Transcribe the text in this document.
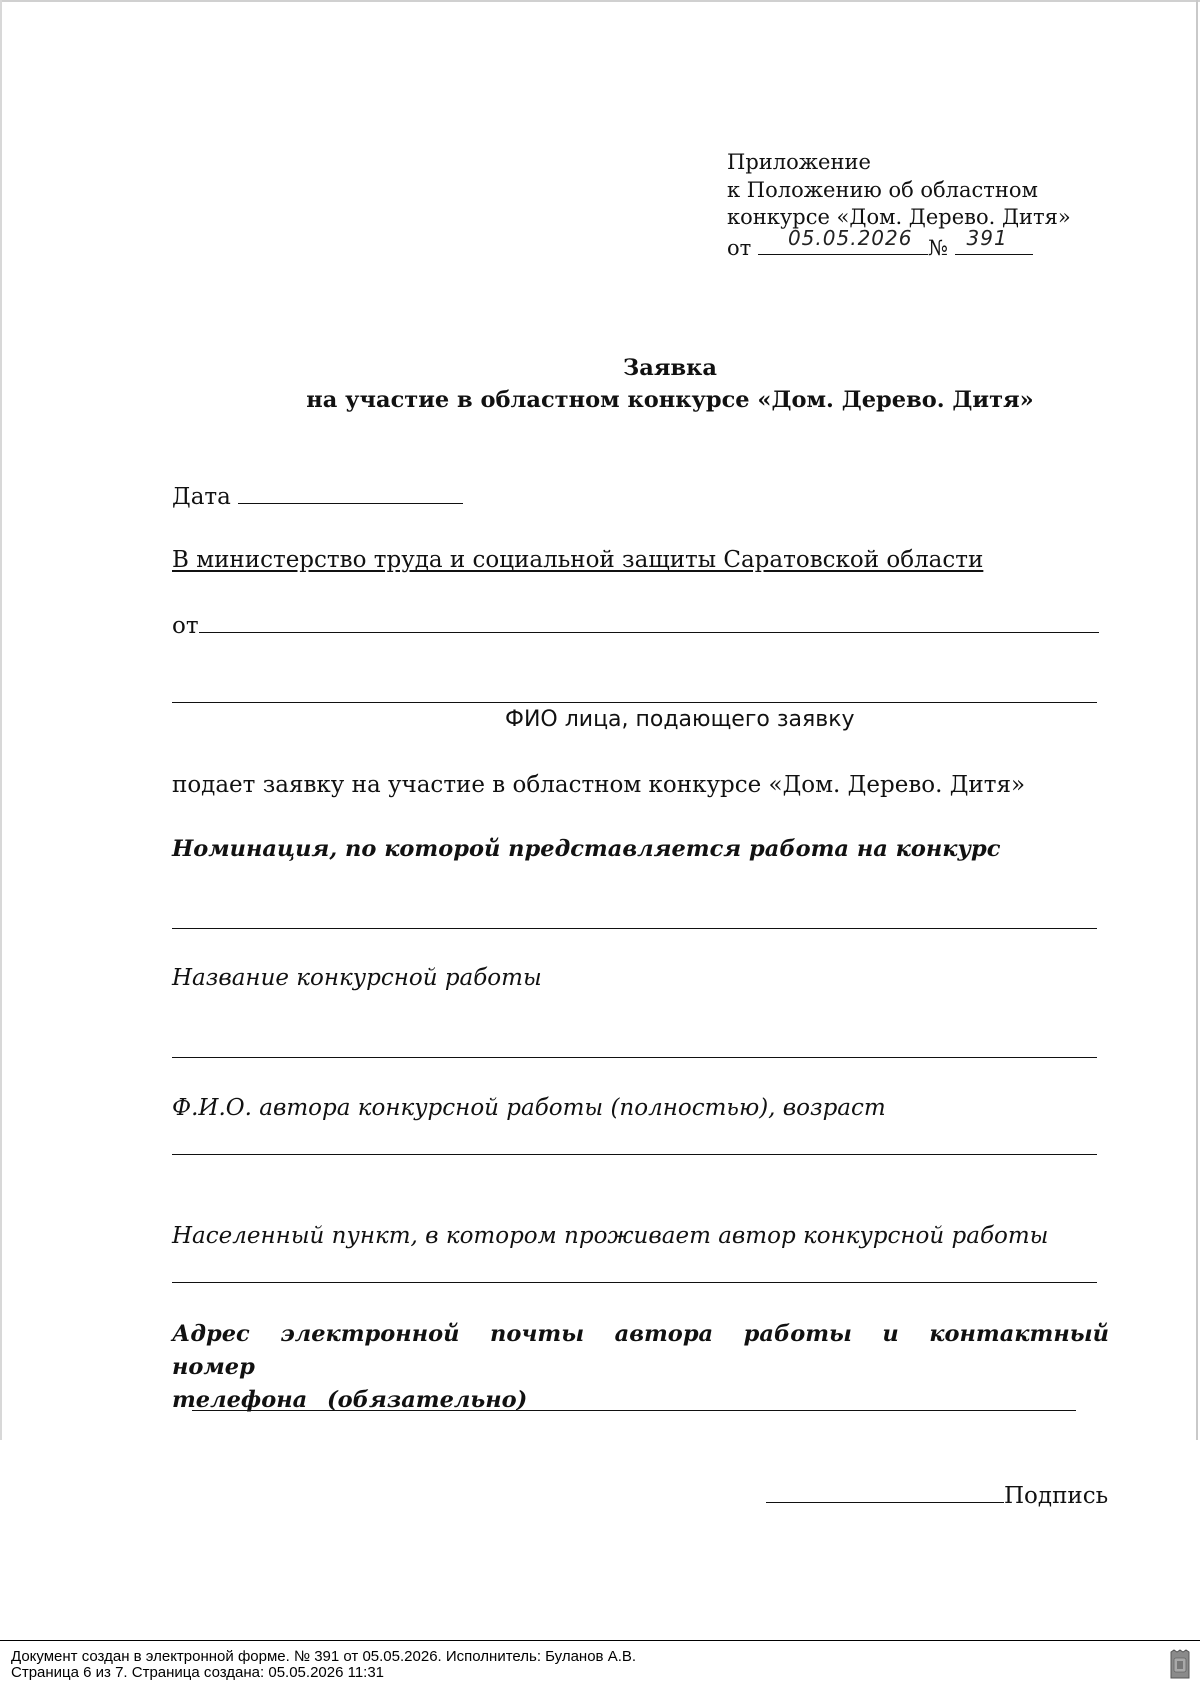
Приложение
к Положению об областном
конкурсе «Дом. Дерево. Дитя»
от 05.05.2026 № 391
Заявка
на участие в областном конкурсе «Дом. Дерево. Дитя»
Дата
В министерство труда и социальной защиты Саратовской области
от
ФИО лица, подающего заявку
подает заявку на участие в областном конкурсе «Дом. Дерево. Дитя»
Номинация, по которой представляется работа на конкурс
Название конкурсной работы
Ф.И.О. автора конкурсной работы (полностью), возраст
Населенный пункт, в котором проживает автор конкурсной работы
Адрес электронной почты автора работы и контактный номер
телефона (обязательно)
Подпись
Документ создан в электронной форме. № 391 от 05.05.2026. Исполнитель: Буланов А.В.
Страница 6 из 7. Страница создана: 05.05.2026 11:31
